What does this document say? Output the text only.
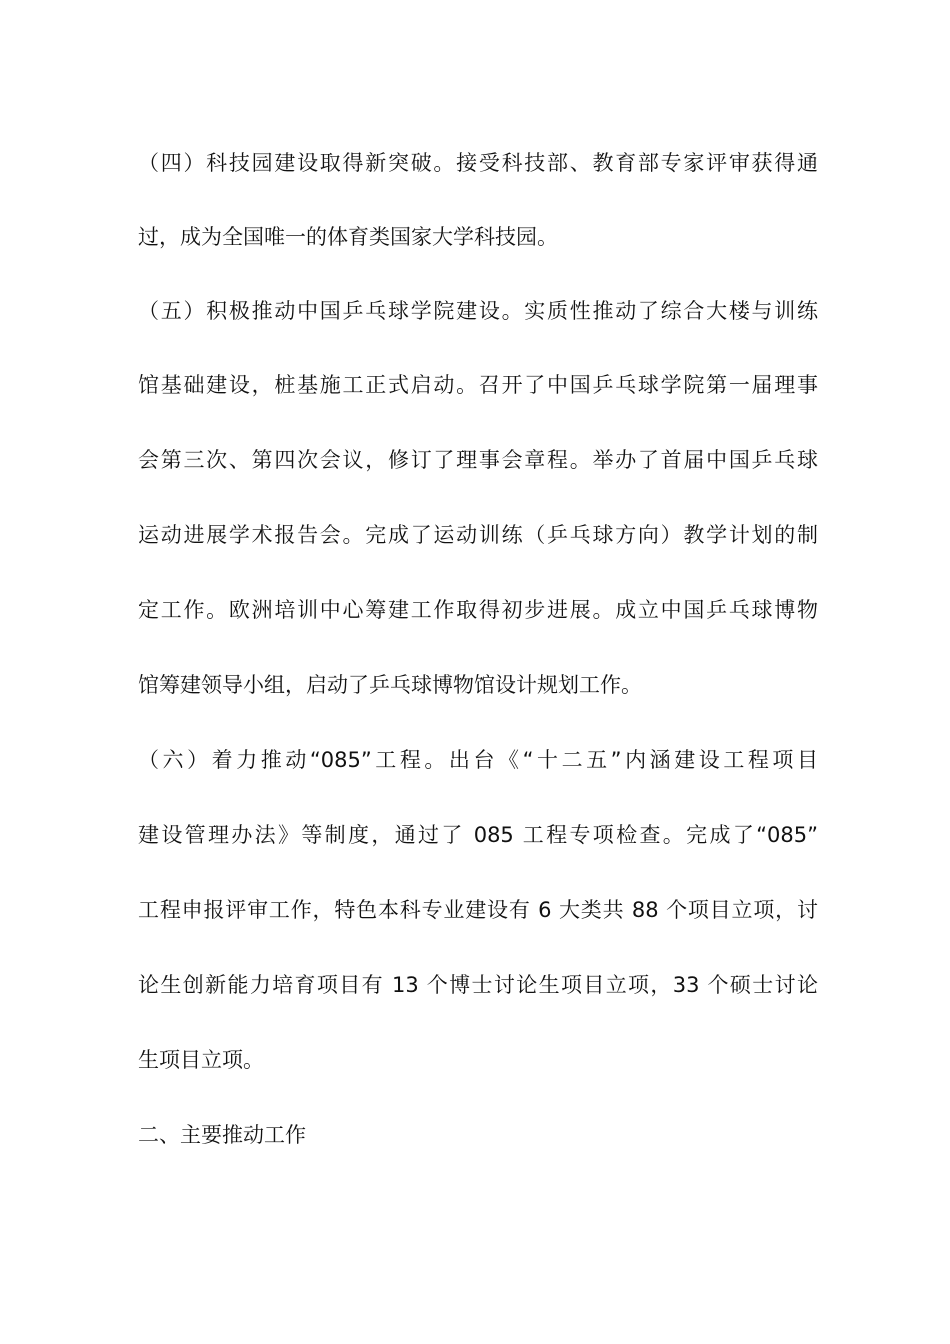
（四）科技园建设取得新突破。接受科技部、教育部专家评审获得通
过，成为全国唯一的体育类国家大学科技园。
（五）积极推动中国乒乓球学院建设。实质性推动了综合大楼与训练
馆基础建设，桩基施工正式启动。召开了中国乒乓球学院第一届理事
会第三次、第四次会议，修订了理事会章程。举办了首届中国乒乓球
运动进展学术报告会。完成了运动训练（乒乓球方向）教学计划的制
定工作。欧洲培训中心筹建工作取得初步进展。成立中国乒乓球博物
馆筹建领导小组，启动了乒乓球博物馆设计规划工作。
（六）着力推动“085”工程。出台《“十二五”内涵建设工程项目
建设管理办法》等制度，通过了 085 工程专项检查。完成了“085”
工程申报评审工作，特色本科专业建设有 6 大类共 88 个项目立项，讨
论生创新能力培育项目有 13 个博士讨论生项目立项，33 个硕士讨论
生项目立项。
二、主要推动工作
